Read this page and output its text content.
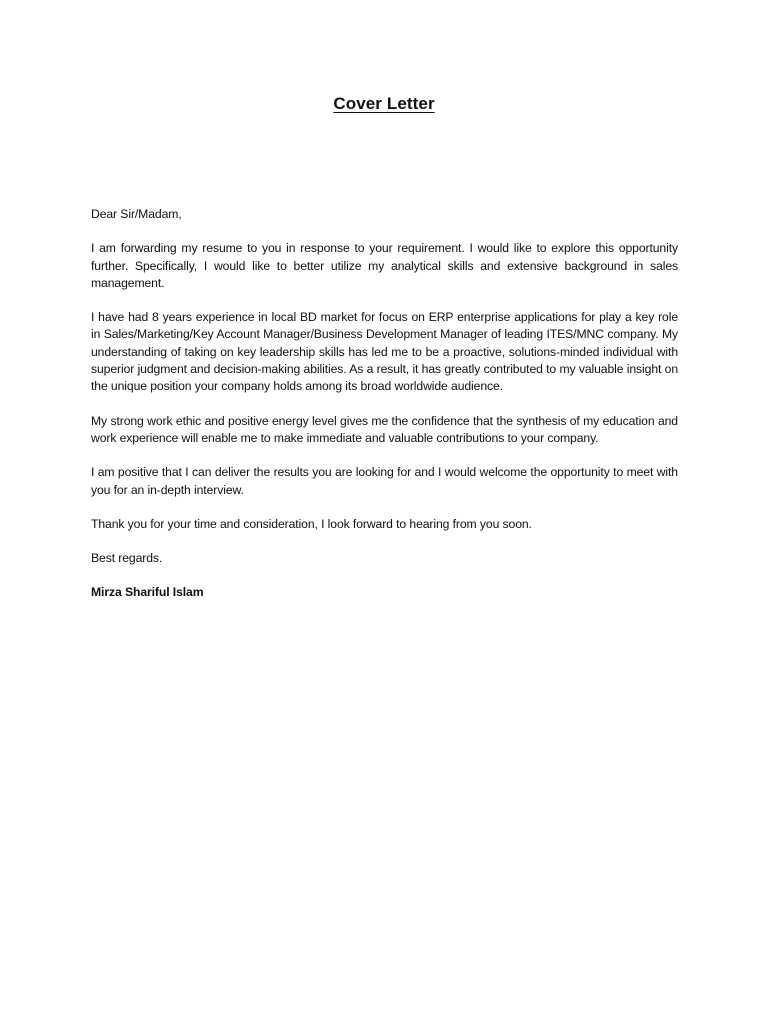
Cover Letter

Dear Sir/Madam,

I am forwarding my resume to you in response to your requirement. I would like to explore this opportunity further. Specifically, I would like to better utilize my analytical skills and extensive background in sales management.

I have had 8 years experience in local BD market for focus on ERP enterprise applications for play a key role in Sales/Marketing/Key Account Manager/Business Development Manager of leading ITES/MNC company. My understanding of taking on key leadership skills has led me to be a proactive, solutions-minded individual with superior judgment and decision-making abilities. As a result, it has greatly contributed to my valuable insight on the unique position your company holds among its broad worldwide audience.

My strong work ethic and positive energy level gives me the confidence that the synthesis of my education and work experience will enable me to make immediate and valuable contributions to your company.

I am positive that I can deliver the results you are looking for and I would welcome the opportunity to meet with you for an in-depth interview.

Thank you for your time and consideration, I look forward to hearing from you soon.

Best regards.

Mirza Shariful Islam
